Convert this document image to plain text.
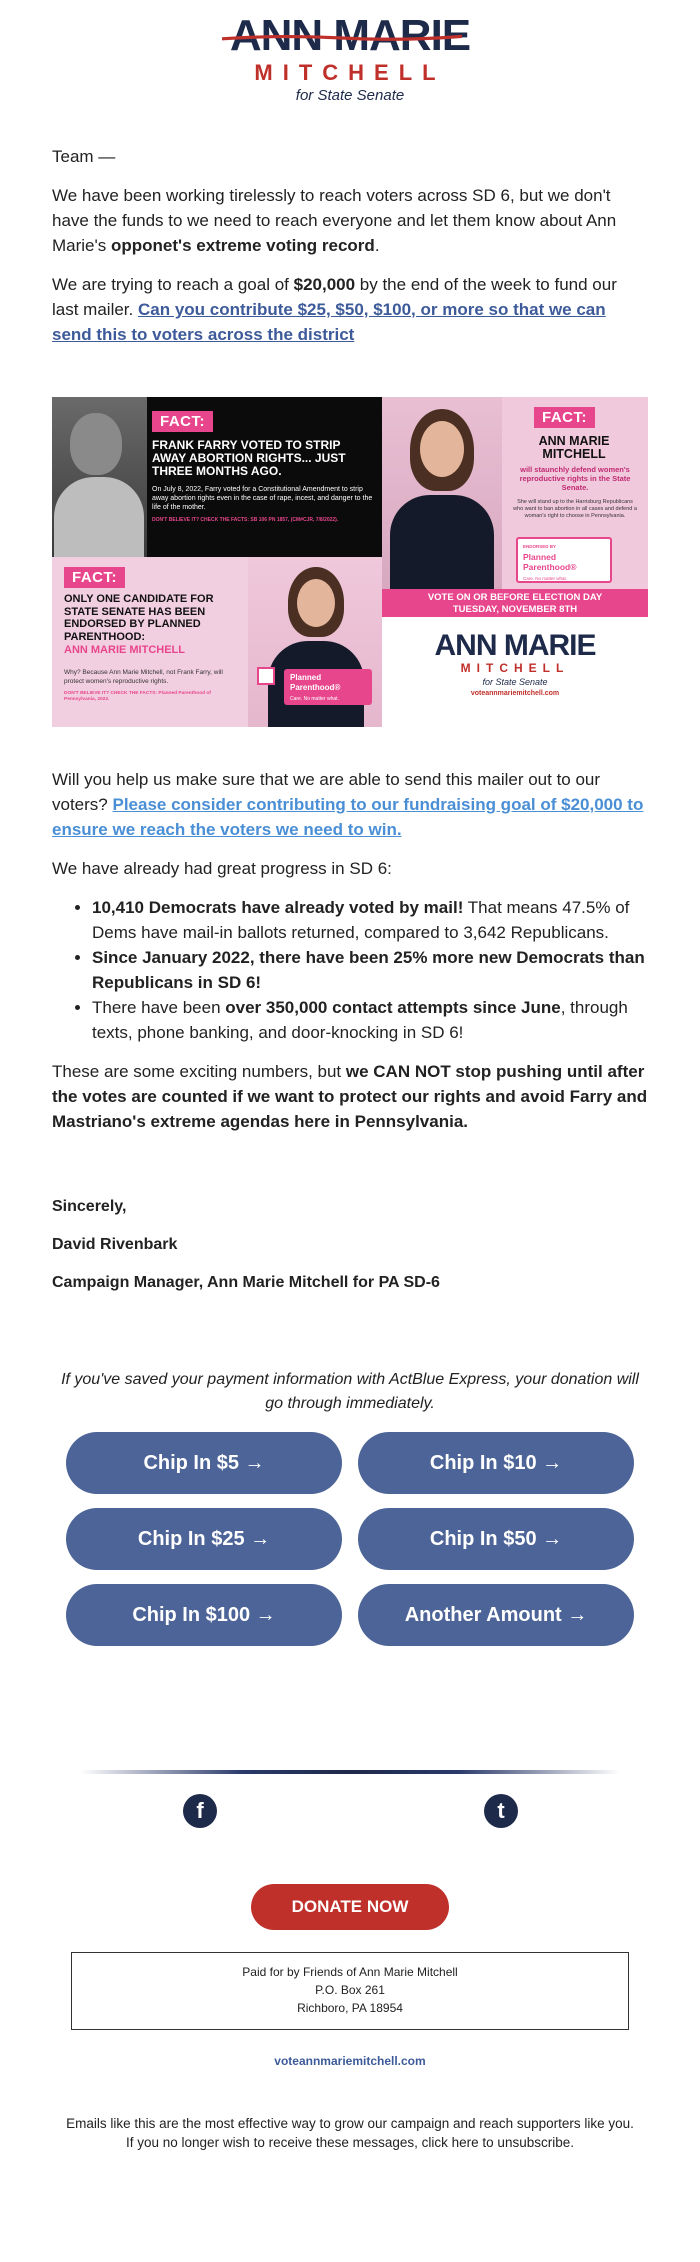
ANN MARIE
MITCHELL
for State Senate
Team —
We have been working tirelessly to reach voters across SD 6, but we don't have the funds to we need to reach everyone and let them know about Ann Marie's opponet's extreme voting record.
We are trying to reach a goal of $20,000 by the end of the week to fund our last mailer. Can you contribute $25, $50, $100, or more so that we can send this to voters across the district
FACT:
FRANK FARRY VOTED TO STRIP AWAY ABORTION RIGHTS... JUST THREE MONTHS AGO.
On July 8, 2022, Farry voted for a Constitutional Amendment to strip away abortion rights even in the case of rape, incest, and danger to the life of the mother.
DON'T BELIEVE IT? CHECK THE FACTS: SB 106 PN 1857, (CM#CJR, 7/8/2022).
FACT:
ONLY ONE CANDIDATE FOR STATE SENATE HAS BEEN ENDORSED BY PLANNED PARENTHOOD:
ANN MARIE MITCHELL
Why? Because Ann Marie Mitchell, not Frank Farry, will protect women's reproductive rights.
DON'T BELIEVE IT? CHECK THE FACTS: Planned Parenthood of Pennsylvania, 2022.
Planned Parenthood®
Care. No matter what.
FACT:
ANN MARIE MITCHELL
will staunchly defend women's reproductive rights in the State Senate.
She will stand up to the Harrisburg Republicans who want to ban abortion in all cases and defend a woman's right to choose in Pennsylvania.
ENDORSED BY
Planned Parenthood®
Care. No matter what.
VOTE ON OR BEFORE ELECTION DAY
TUESDAY, NOVEMBER 8TH
ANN MARIE
MITCHELL
for State Senate
voteannmariemitchell.com
Will you help us make sure that we are able to send this mailer out to our voters? Please consider contributing to our fundraising goal of $20,000 to ensure we reach the voters we need to win.
We have already had great progress in SD 6:
• 10,410 Democrats have already voted by mail! That means 47.5% of Dems have mail-in ballots returned, compared to 3,642 Republicans.
• Since January 2022, there have been 25% more new Democrats than Republicans in SD 6!
• There have been over 350,000 contact attempts since June, through texts, phone banking, and door-knocking in SD 6!
These are some exciting numbers, but we CAN NOT stop pushing until after the votes are counted if we want to protect our rights and avoid Farry and Mastriano's extreme agendas here in Pennsylvania.
Sincerely,
David Rivenbark
Campaign Manager, Ann Marie Mitchell for PA SD-6
If you've saved your payment information with ActBlue Express, your donation will go through immediately.
Chip In $5 →	Chip In $10 →
Chip In $25 →	Chip In $50 →
Chip In $100 →	Another Amount →
f	t
DONATE NOW
Paid for by Friends of Ann Marie Mitchell
P.O. Box 261
Richboro, PA 18954
voteannmariemitchell.com
Emails like this are the most effective way to grow our campaign and reach supporters like you.
If you no longer wish to receive these messages, click here to unsubscribe.
